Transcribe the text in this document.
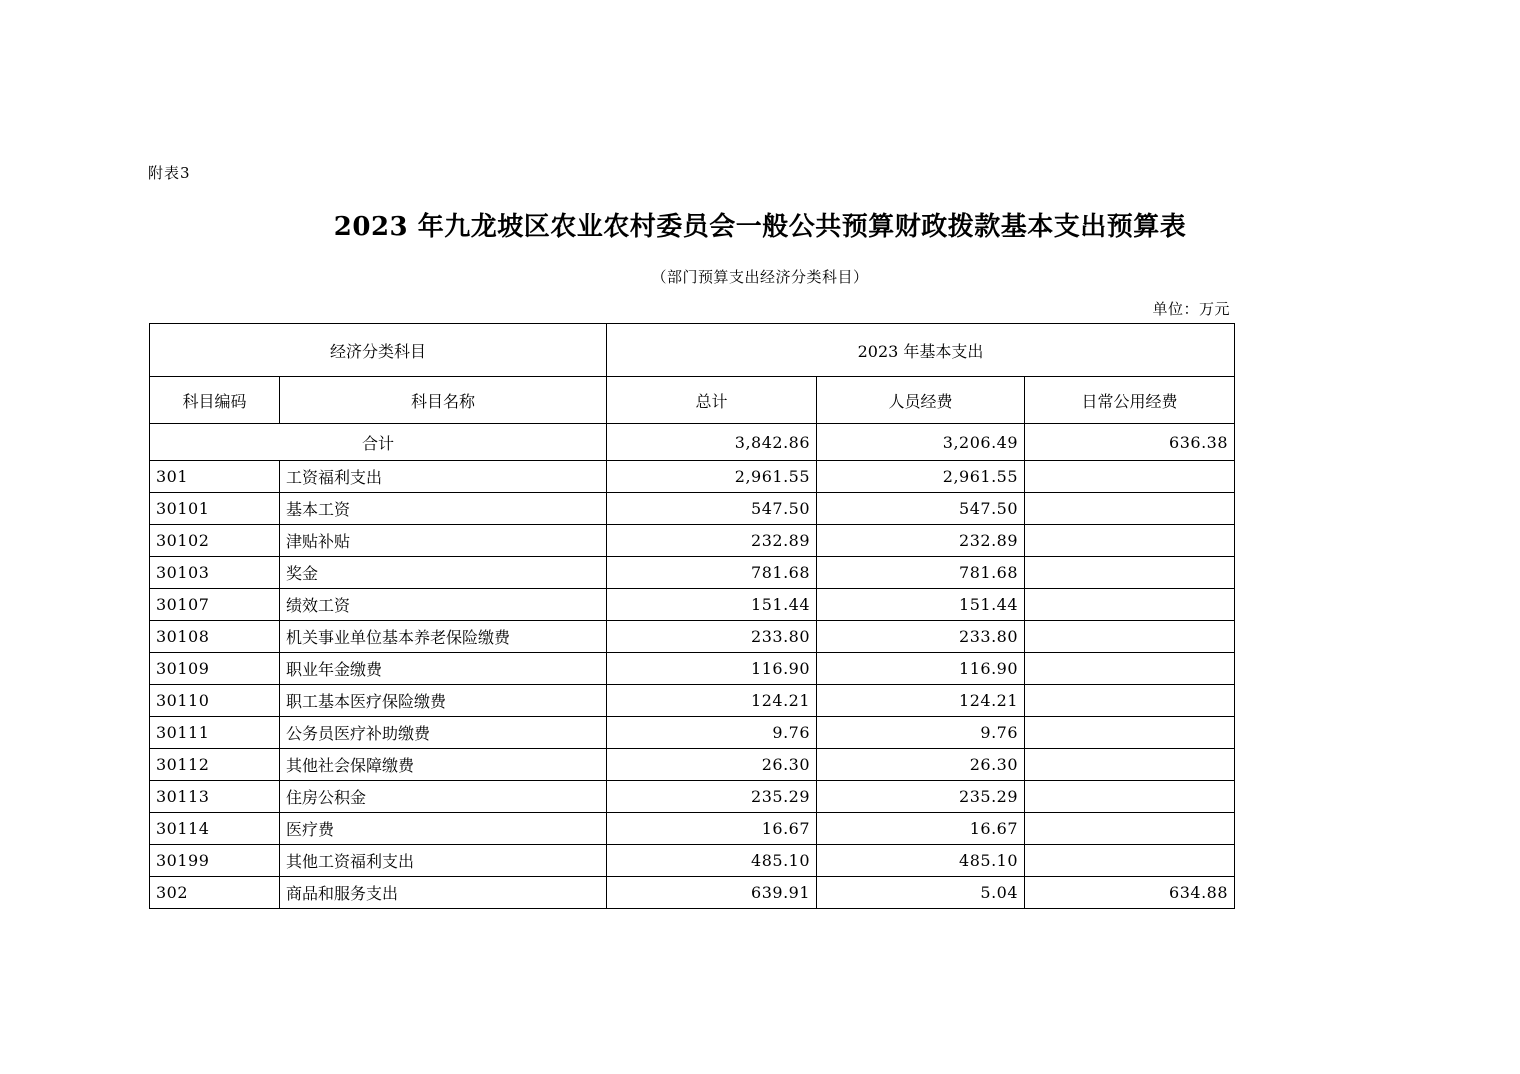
附表3
2023 年九龙坡区农业农村委员会一般公共预算财政拨款基本支出预算表
（部门预算支出经济分类科目）
单位：万元
经济分类科目		2023 年基本支出		
科目编码	科目名称	总计	人员经费	日常公用经费
合计		3,842.86	3,206.49	636.38
301	工资福利支出	2,961.55	2,961.55	
30101	基本工资	547.50	547.50	
30102	津贴补贴	232.89	232.89	
30103	奖金	781.68	781.68	
30107	绩效工资	151.44	151.44	
30108	机关事业单位基本养老保险缴费	233.80	233.80	
30109	职业年金缴费	116.90	116.90	
30110	职工基本医疗保险缴费	124.21	124.21	
30111	公务员医疗补助缴费	9.76	9.76	
30112	其他社会保障缴费	26.30	26.30	
30113	住房公积金	235.29	235.29	
30114	医疗费	16.67	16.67	
30199	其他工资福利支出	485.10	485.10	
302	商品和服务支出	639.91	5.04	634.88
